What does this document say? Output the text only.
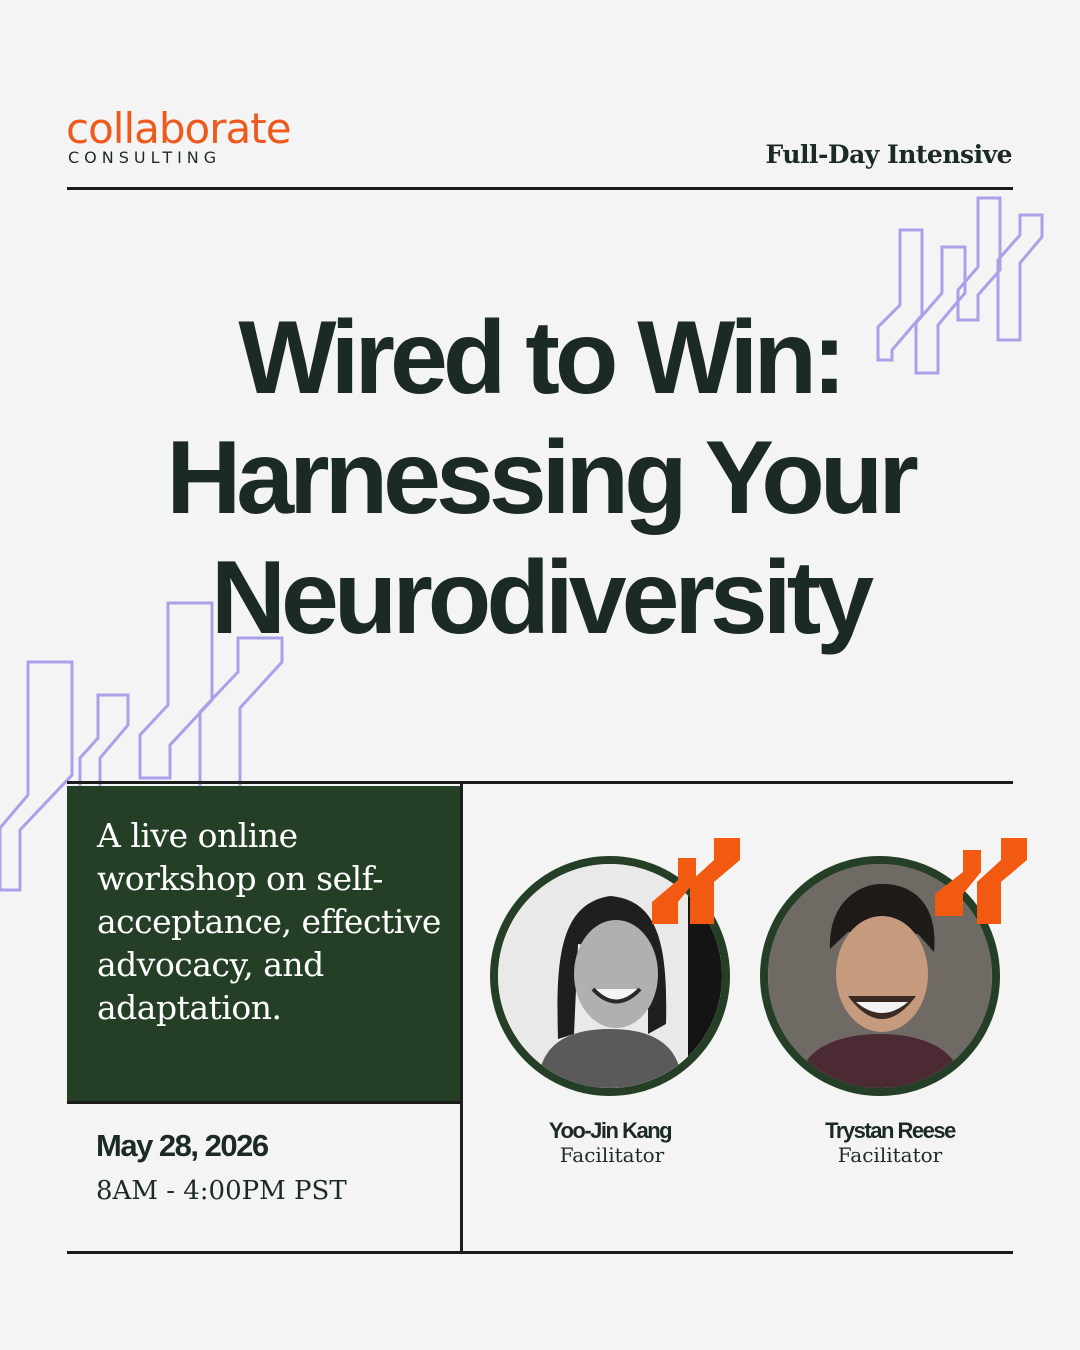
collaborate
CONSULTING	Full-Day Intensive
Wired to Win:
Harnessing Your
Neurodiversity
A live online workshop on self-acceptance, effective advocacy, and adaptation.
May 28, 2026
8AM - 4:00PM PST
Yoo-Jin Kang
Facilitator
Trystan Reese
Facilitator
